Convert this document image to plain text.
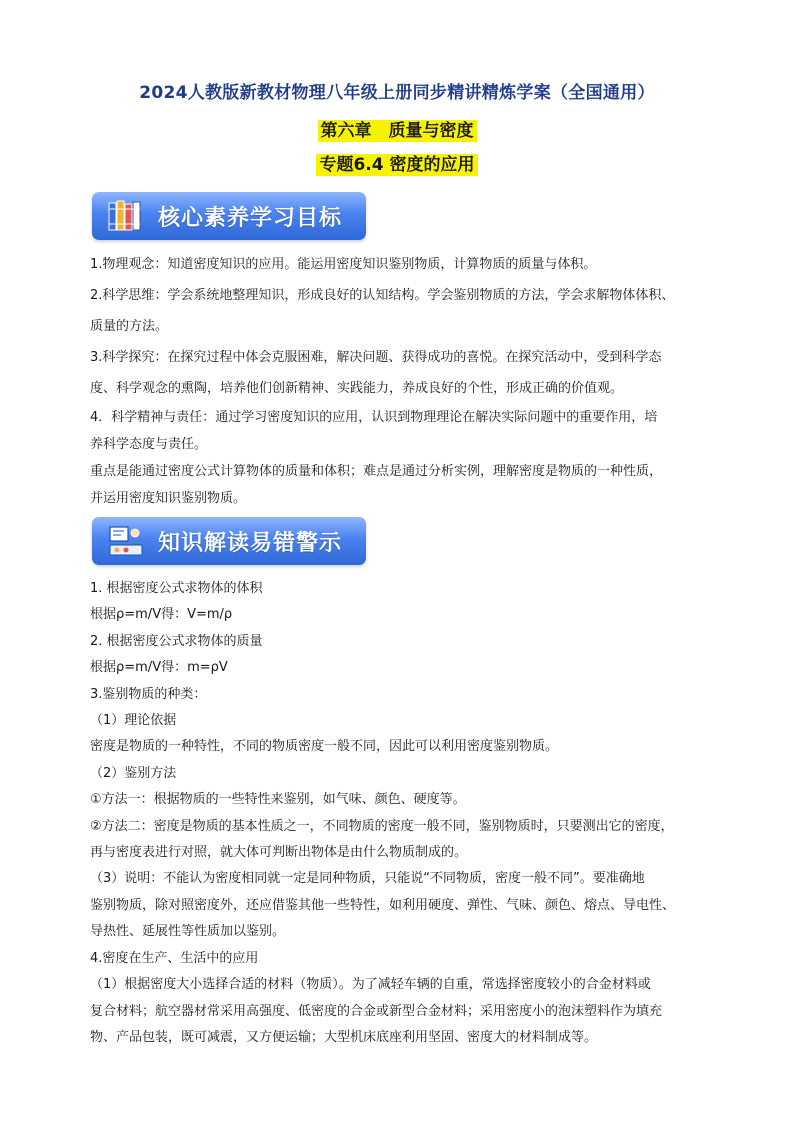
2024人教版新教材物理八年级上册同步精讲精炼学案（全国通用）
第六章　质量与密度
专题6.4 密度的应用
核心素养学习目标

1.物理观念：知道密度知识的应用。能运用密度知识鉴别物质，计算物质的质量与体积。

2.科学思维：学会系统地整理知识，形成良好的认知结构。学会鉴别物质的方法，学会求解物体体积、

质量的方法。

3.科学探究：在探究过程中体会克服困难，解决问题、获得成功的喜悦。在探究活动中，受到科学态

度、科学观念的熏陶，培养他们创新精神、实践能力，养成良好的个性，形成正确的价值观。

4．科学精神与责任：通过学习密度知识的应用，认识到物理理论在解决实际问题中的重要作用，培

养科学态度与责任。

重点是能通过密度公式计算物体的质量和体积；难点是通过分析实例，理解密度是物质的一种性质，

并运用密度知识鉴别物质。

知识解读易错警示

1. 根据密度公式求物体的体积

根据ρ=m/V得：V=m/ρ

2. 根据密度公式求物体的质量

根据ρ=m/V得：m=ρV

3.鉴别物质的种类：

（1）理论依据

密度是物质的一种特性，不同的物质密度一般不同，因此可以利用密度鉴别物质。

（2）鉴别方法

①方法一：根据物质的一些特性来鉴别，如气味、颜色、硬度等。

②方法二：密度是物质的基本性质之一，不同物质的密度一般不同，鉴别物质时，只要测出它的密度，

再与密度表进行对照，就大体可判断出物体是由什么物质制成的。

（3）说明：不能认为密度相同就一定是同种物质，只能说“不同物质，密度一般不同”。要准确地

鉴别物质，除对照密度外，还应借鉴其他一些特性，如利用硬度、弹性、气味、颜色、熔点、导电性、

导热性、延展性等性质加以鉴别。

4.密度在生产、生活中的应用

（1）根据密度大小选择合适的材料（物质）。为了减轻车辆的自重，常选择密度较小的合金材料或

复合材料；航空器材常采用高强度、低密度的合金或新型合金材料；采用密度小的泡沫塑料作为填充

物、产品包装，既可减震，又方便运输；大型机床底座利用坚固、密度大的材料制成等。
